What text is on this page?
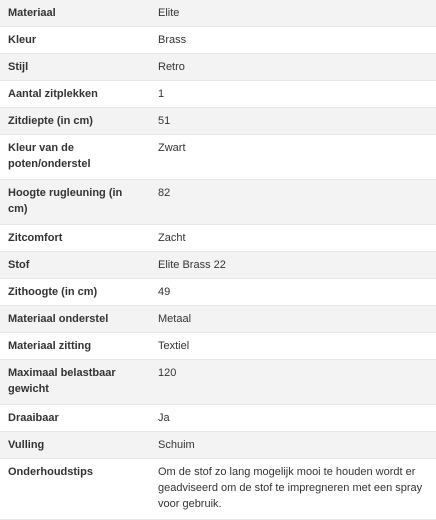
Materiaal	Elite
Kleur	Brass
Stijl	Retro
Aantal zitplekken	1
Zitdiepte (in cm)	51
Kleur van de poten/onderstel	Zwart
Hoogte rugleuning (in cm)	82
Zitcomfort	Zacht
Stof	Elite Brass 22
Zithoogte (in cm)	49
Materiaal onderstel	Metaal
Materiaal zitting	Textiel
Maximaal belastbaar gewicht	120
Draaibaar	Ja
Vulling	Schuim
Onderhoudstips	Om de stof zo lang mogelijk mooi te houden wordt er geadviseerd om de stof te impregneren met een spray voor gebruik.
